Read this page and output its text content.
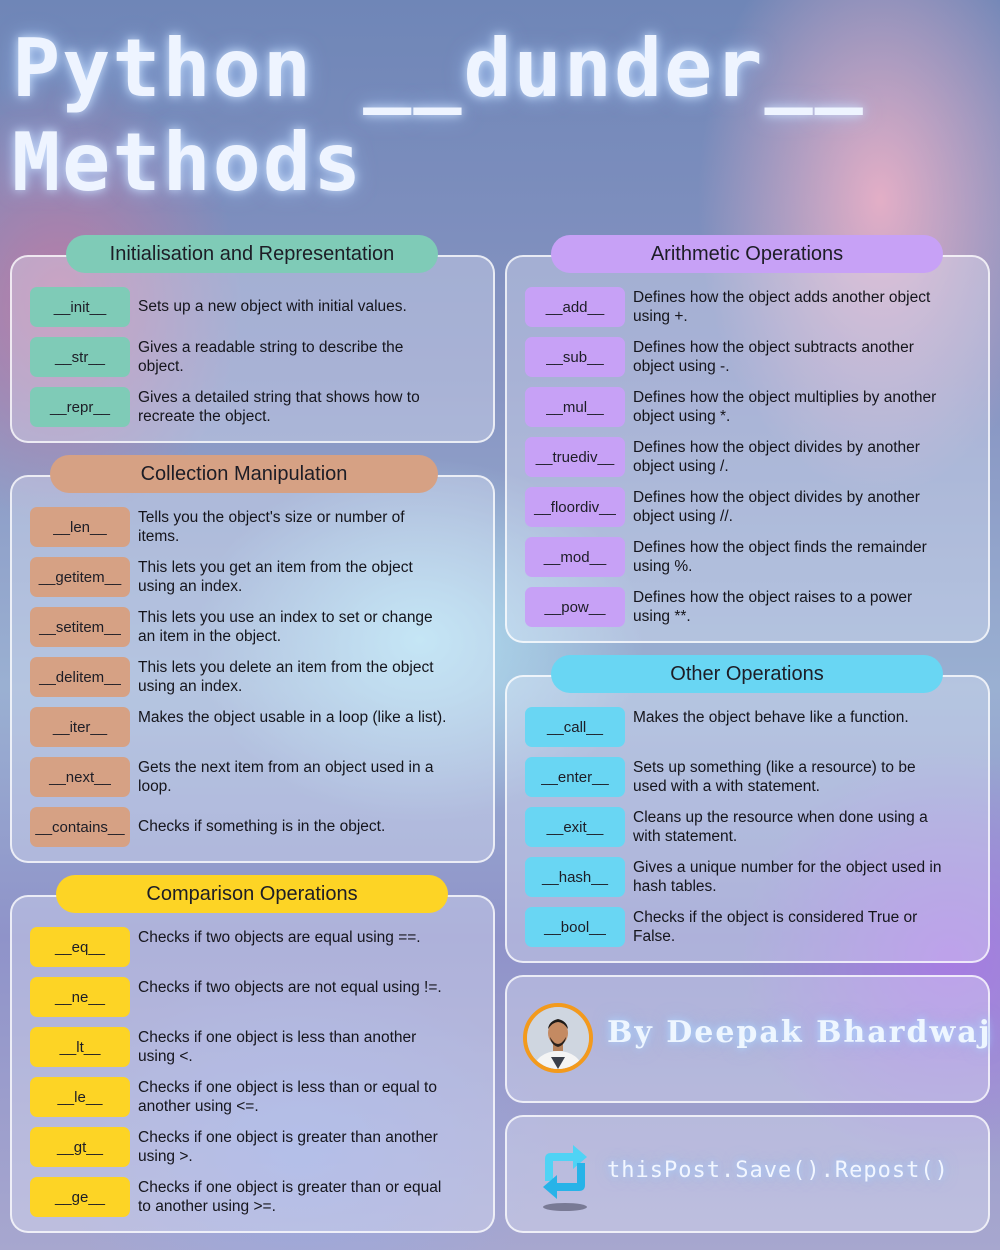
Python __dunder__
Methods
__init__	Sets up a new object with initial values.
__str__
Gives a readable string to describe the object.
__repr__
Gives a detailed string that shows how to recreate the object.
Initialisation and Representation
__len__
Tells you the object's size or number of items.
__getitem__
This lets you get an item from the object using an index.
__setitem__
This lets you use an index to set or change an item in the object.
__delitem__
This lets you delete an item from the object using an index.
__iter__
Makes the object usable in a loop (like a list).
__next__
Gets the next item from an object used in a loop.
__contains__ Checks if something is in the object.
Collection Manipulation
__eq__
Checks if two objects are equal using ==.
__ne__
Checks if two objects are not equal using !=.
__lt__
Checks if one object is less than another using <.
__le__
Checks if one object is less than or equal to another using <=.
__gt__
Checks if one object is greater than another using >.
__ge__
Checks if one object is greater than or equal to another using >=.
Comparison Operations
__add__
Defines how the object adds another object using +.
__sub__
Defines how the object subtracts another object using -.
__mul__
Defines how the object multiplies by another object using *.
__truediv__
Defines how the object divides by another object using /.
__floordiv__
Defines how the object divides by another object using //.
__mod__
Defines how the object finds the remainder using %.
__pow__
Defines how the object raises to a power using **.
Arithmetic Operations
__call__
Makes the object behave like a function.
__enter__
Sets up something (like a resource) to be used with a with statement.
__exit__
Cleans up the resource when done using a with statement.
__hash__
Gives a unique number for the object used in hash tables.
__bool__
Checks if the object is considered True or False.
Other Operations
By Deepak Bhardwaj
thisPost.Save().Repost()
